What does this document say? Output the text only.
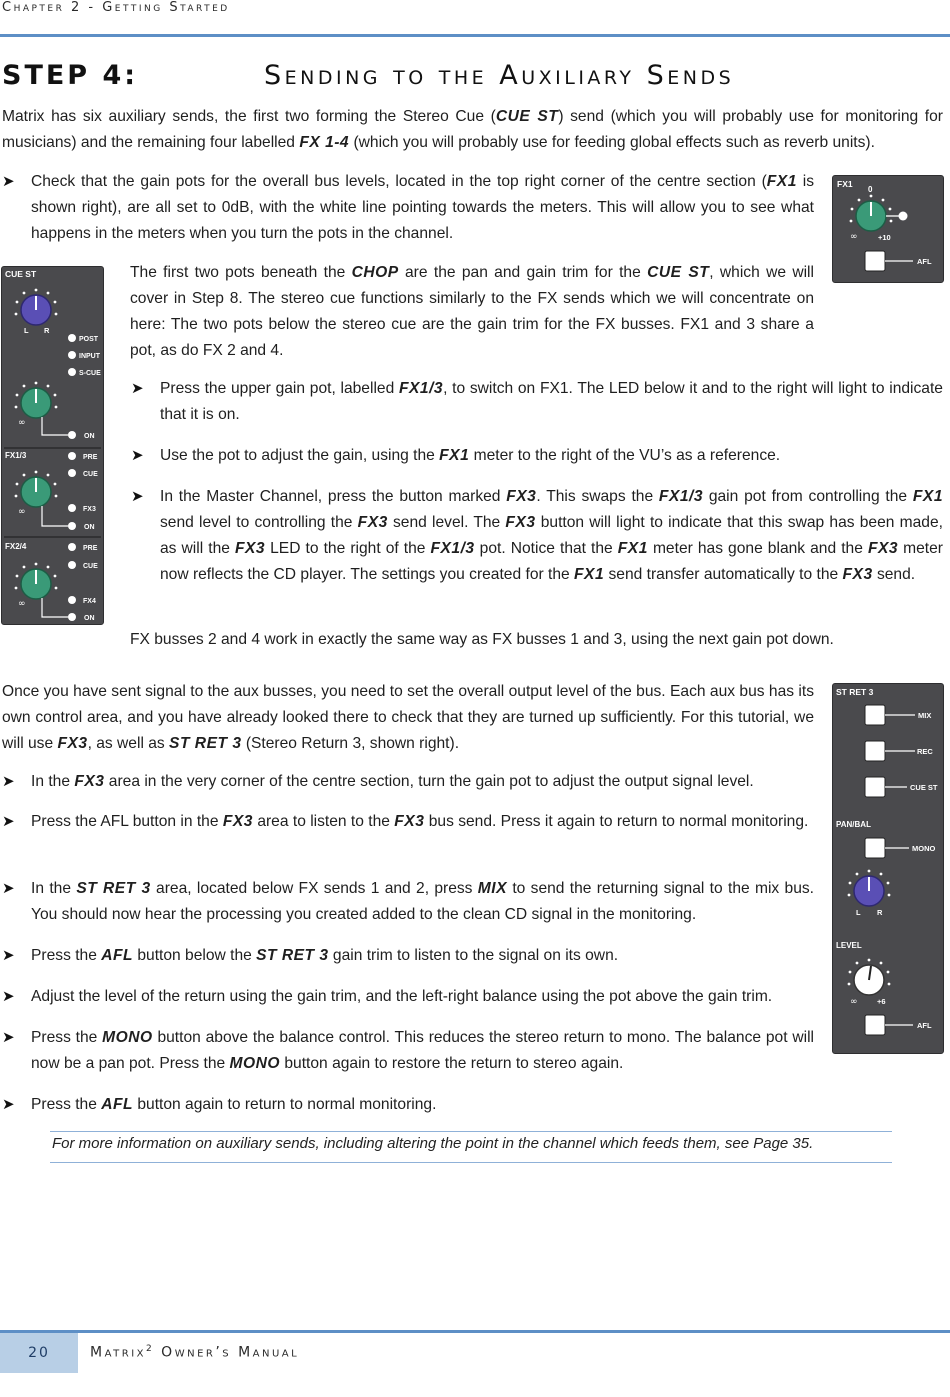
Chapter 2 - Getting Started
STEP 4:	Sending to the Auxiliary Sends
Matrix has six auxiliary sends, the first two forming the Stereo Cue (CUE ST) send (which you will probably use for monitoring for musicians) and the remaining four labelled FX 1-4 (which you will probably use for feeding global effects such as reverb units).
➤ Check that the gain pots for the overall bus levels, located in the top right corner of the centre section (FX1 is shown right), are all set to 0dB, with the white line pointing towards the meters. This will allow you to see what happens in the meters when you turn the pots in the channel.
FX1
0
∞	+10
AFL
CUE ST
L R
POST
INPUT
S-CUE
∞
ON
FX1/3	PRE
CUE
∞	FX3
ON
FX2/4	PRE
CUE
∞	FX4
ON
The first two pots beneath the CHOP are the pan and gain trim for the CUE ST, which we will cover in Step 8. The stereo cue functions similarly to the FX sends which we will concentrate on here: The two pots below the stereo cue are the gain trim for the FX busses. FX1 and 3 share a pot, as do FX 2 and 4.
➤ Press the upper gain pot, labelled FX1/3, to switch on FX1. The LED below it and to the right will light to indicate that it is on.
➤ Use the pot to adjust the gain, using the FX1 meter to the right of the VU’s as a reference.
➤ In the Master Channel, press the button marked FX3. This swaps the FX1/3 gain pot from controlling the FX1 send level to controlling the FX3 send level. The FX3 button will light to indicate that this swap has been made, as will the FX3 LED to the right of the FX1/3 pot. Notice that the FX1 meter has gone blank and the FX3 meter now reflects the CD player. The settings you created for the FX1 send transfer automatically to the FX3 send.
FX busses 2 and 4 work in exactly the same way as FX busses 1 and 3, using the next gain pot down.
Once you have sent signal to the aux busses, you need to set the overall output level of the bus. Each aux bus has its own control area, and you have already looked there to check that they are turned up sufficiently. For this tutorial, we will use FX3, as well as ST RET 3 (Stereo Return 3, shown right).
ST RET 3
MIX
REC
CUE ST
PAN/BAL
MONO
L R
LEVEL
∞	+6
AFL
➤ In the FX3 area in the very corner of the centre section, turn the gain pot to adjust the output signal level.
➤ Press the AFL button in the FX3 area to listen to the FX3 bus send. Press it again to return to normal monitoring.
➤ In the ST RET 3 area, located below FX sends 1 and 2, press MIX to send the returning signal to the mix bus. You should now hear the processing you created added to the clean CD signal in the monitoring.
➤ Press the AFL button below the ST RET 3 gain trim to listen to the signal on its own.
➤ Adjust the level of the return using the gain trim, and the left-right balance using the pot above the gain trim.
➤ Press the MONO button above the balance control. This reduces the stereo return to mono. The balance pot will now be a pan pot. Press the MONO button again to restore the return to stereo again.
➤ Press the AFL button again to return to normal monitoring.
For more information on auxiliary sends, including altering the point in the channel which feeds them, see Page 35.
20	Matrix$^2$ Owner’s Manual
